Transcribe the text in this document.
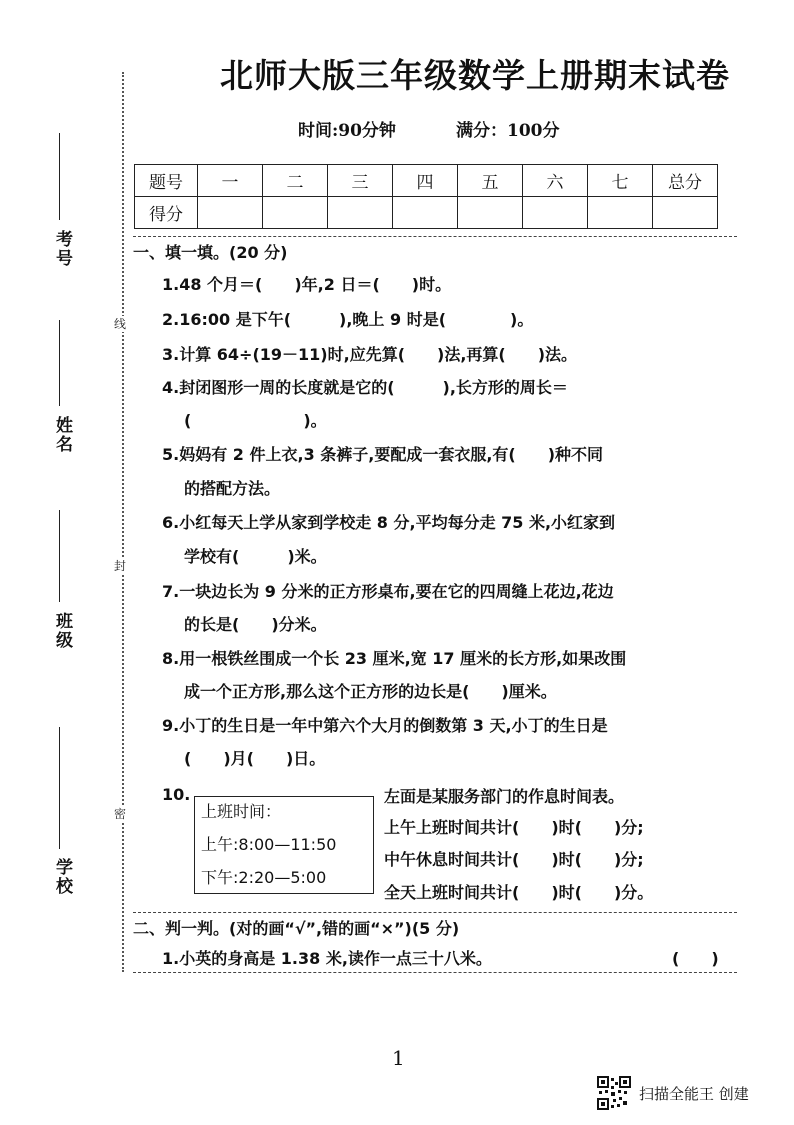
考号
姓名
班级
学校
线
封
密
北师大版三年级数学上册期末试卷
时间:90分钟	满分：100分
题号	一	二	三	四	五	六	七	总分
得分								
一、填一填。(20 分)
1.48 个月＝(　　)年,2 日＝(　　)时。
2.16:00 是下午(　　　),晚上 9 时是(　　　　)。
3.计算 64÷(19－11)时,应先算(　　)法,再算(　　)法。
4.封闭图形一周的长度就是它的(　　　),长方形的周长＝
(　　　　　　　)。
5.妈妈有 2 件上衣,3 条裤子,要配成一套衣服,有(　　)种不同
的搭配方法。
6.小红每天上学从家到学校走 8 分,平均每分走 75 米,小红家到
学校有(　　　)米。
7.一块边长为 9 分米的正方形桌布,要在它的四周缝上花边,花边
的长是(　　)分米。
8.用一根铁丝围成一个长 23 厘米,宽 17 厘米的长方形,如果改围
成一个正方形,那么这个正方形的边长是(　　)厘米。
9.小丁的生日是一年中第六个大月的倒数第 3 天,小丁的生日是
(　　)月(　　)日。
10.
上班时间：
上午:8:00—11:50
下午:2:20—5:00
左面是某服务部门的作息时间表。
上午上班时间共计(　　)时(　　)分;
中午休息时间共计(　　)时(　　)分;
全天上班时间共计(　　)时(　　)分。
二、判一判。(对的画“√”,错的画“×”)(5 分)
1.小英的身高是 1.38 米,读作一点三十八米。	(　　)
1
扫描全能王 创建
